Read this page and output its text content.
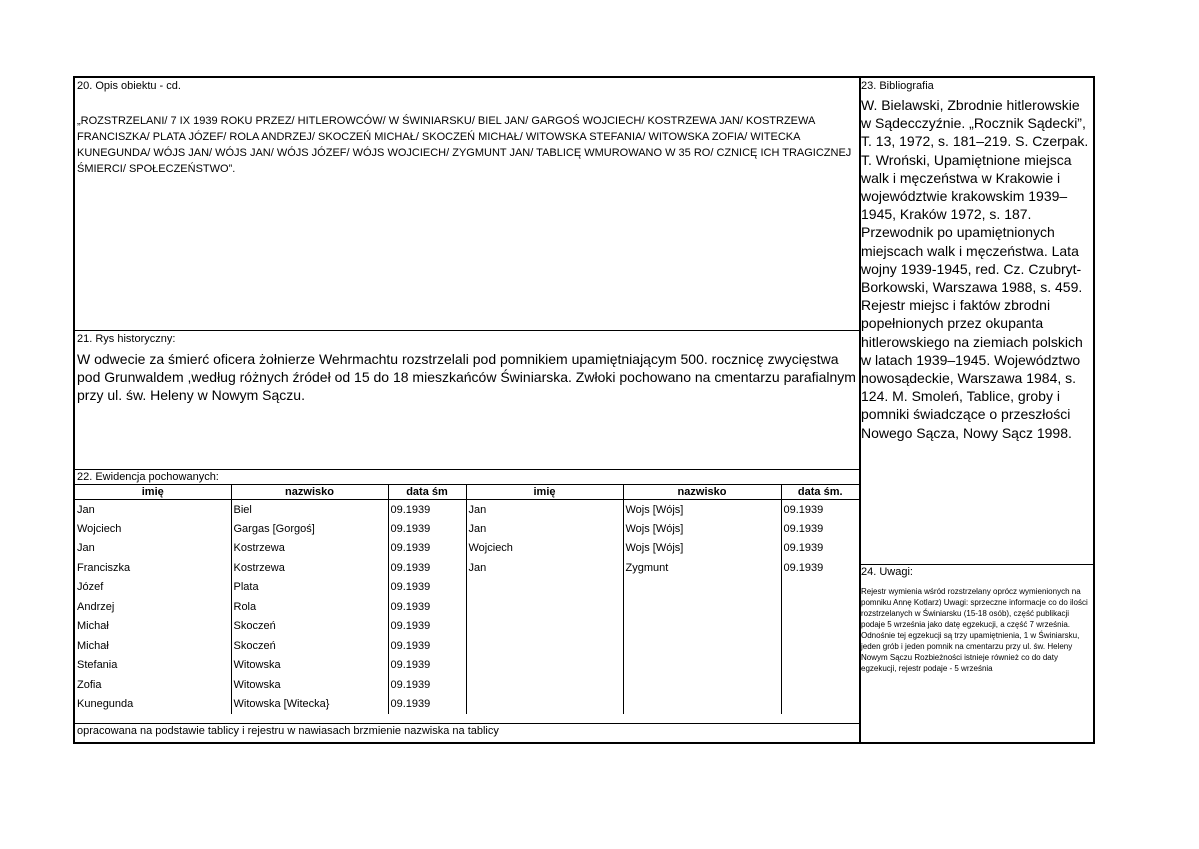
20. Opis obiektu - cd.
„ROZSTRZELANI/ 7 IX 1939 ROKU PRZEZ/ HITLEROWCÓW/ W ŚWINIARSKU/ BIEL JAN/ GARGOŚ WOJCIECH/ KOSTRZEWA JAN/ KOSTRZEWA FRANCISZKA/ PLATA JÓZEF/ ROLA ANDRZEJ/ SKOCZEŃ MICHAŁ/ SKOCZEŃ MICHAŁ/ WITOWSKA STEFANIA/ WITOWSKA ZOFIA/ WITECKA KUNEGUNDA/ WÓJS JAN/ WÓJS JAN/ WÓJS JÓZEF/ WÓJS WOJCIECH/ ZYGMUNT JAN/ TABLICĘ WMUROWANO W 35 RO/ CZNICĘ ICH TRAGICZNEJ ŚMIERCI/ SPOŁECZEŃSTWO”.
21. Rys historyczny:
W odwecie za śmierć oficera żołnierze Wehrmachtu rozstrzelali pod pomnikiem upamiętniającym 500. rocznicę zwycięstwa pod Grunwaldem ,według różnych źródeł od 15 do 18 mieszkańców Świniarska. Zwłoki pochowano na cmentarzu parafialnym przy ul. św. Heleny w Nowym Sączu.
22. Ewidencja pochowanych:
imię	nazwisko	data śm	imię	nazwisko	data śm.
Jan	Biel	09.1939	Jan	Wojs [Wójs]	09.1939
Wojciech	Gargas [Gorgoś]	09.1939	Jan	Wojs [Wójs]	09.1939
Jan	Kostrzewa	09.1939	Wojciech	Wojs [Wójs]	09.1939
Franciszka	Kostrzewa	09.1939	Jan	Zygmunt	09.1939
Józef	Plata	09.1939			
Andrzej	Rola	09.1939			
Michał	Skoczeń	09.1939			
Michał	Skoczeń	09.1939			
Stefania	Witowska	09.1939			
Zofia	Witowska	09.1939			
Kunegunda	Witowska [Witecka}	09.1939			
opracowana na podstawie tablicy i rejestru w nawiasach brzmienie nazwiska na tablicy
23. Bibliografia
W. Bielawski, Zbrodnie hitlerowskie w Sądecczyźnie. „Rocznik Sądecki”, T. 13, 1972, s. 181–219. S. Czerpak. T. Wroński, Upamiętnione miejsca walk i męczeństwa w Krakowie i województwie krakowskim 1939–1945, Kraków 1972, s. 187. Przewodnik po upamiętnionych miejscach walk i męczeństwa. Lata wojny 1939-1945, red. Cz. Czubryt-Borkowski, Warszawa 1988, s. 459. Rejestr miejsc i faktów zbrodni popełnionych przez okupanta hitlerowskiego na ziemiach polskich w latach 1939–1945. Województwo nowosądeckie, Warszawa 1984, s. 124. M. Smoleń, Tablice, groby i pomniki świadczące o przeszłości Nowego Sącza, Nowy Sącz 1998.
24. Uwagi:
Rejestr wymienia wśród rozstrzelany oprócz wymienionych na pomniku Annę Kotlarz) Uwagi: sprzeczne informacje co do ilości rozstrzelanych w Świniarsku (15-18 osób), część publikacji podaje 5 września jako datę egzekucji, a część 7 września. Odnośnie tej egzekucji są trzy upamiętnienia, 1 w Świniarsku, jeden grób i jeden pomnik na cmentarzu przy ul. św. Heleny Nowym Sączu Rozbieżności istnieje również co do daty egzekucji, rejestr podaje - 5 września
